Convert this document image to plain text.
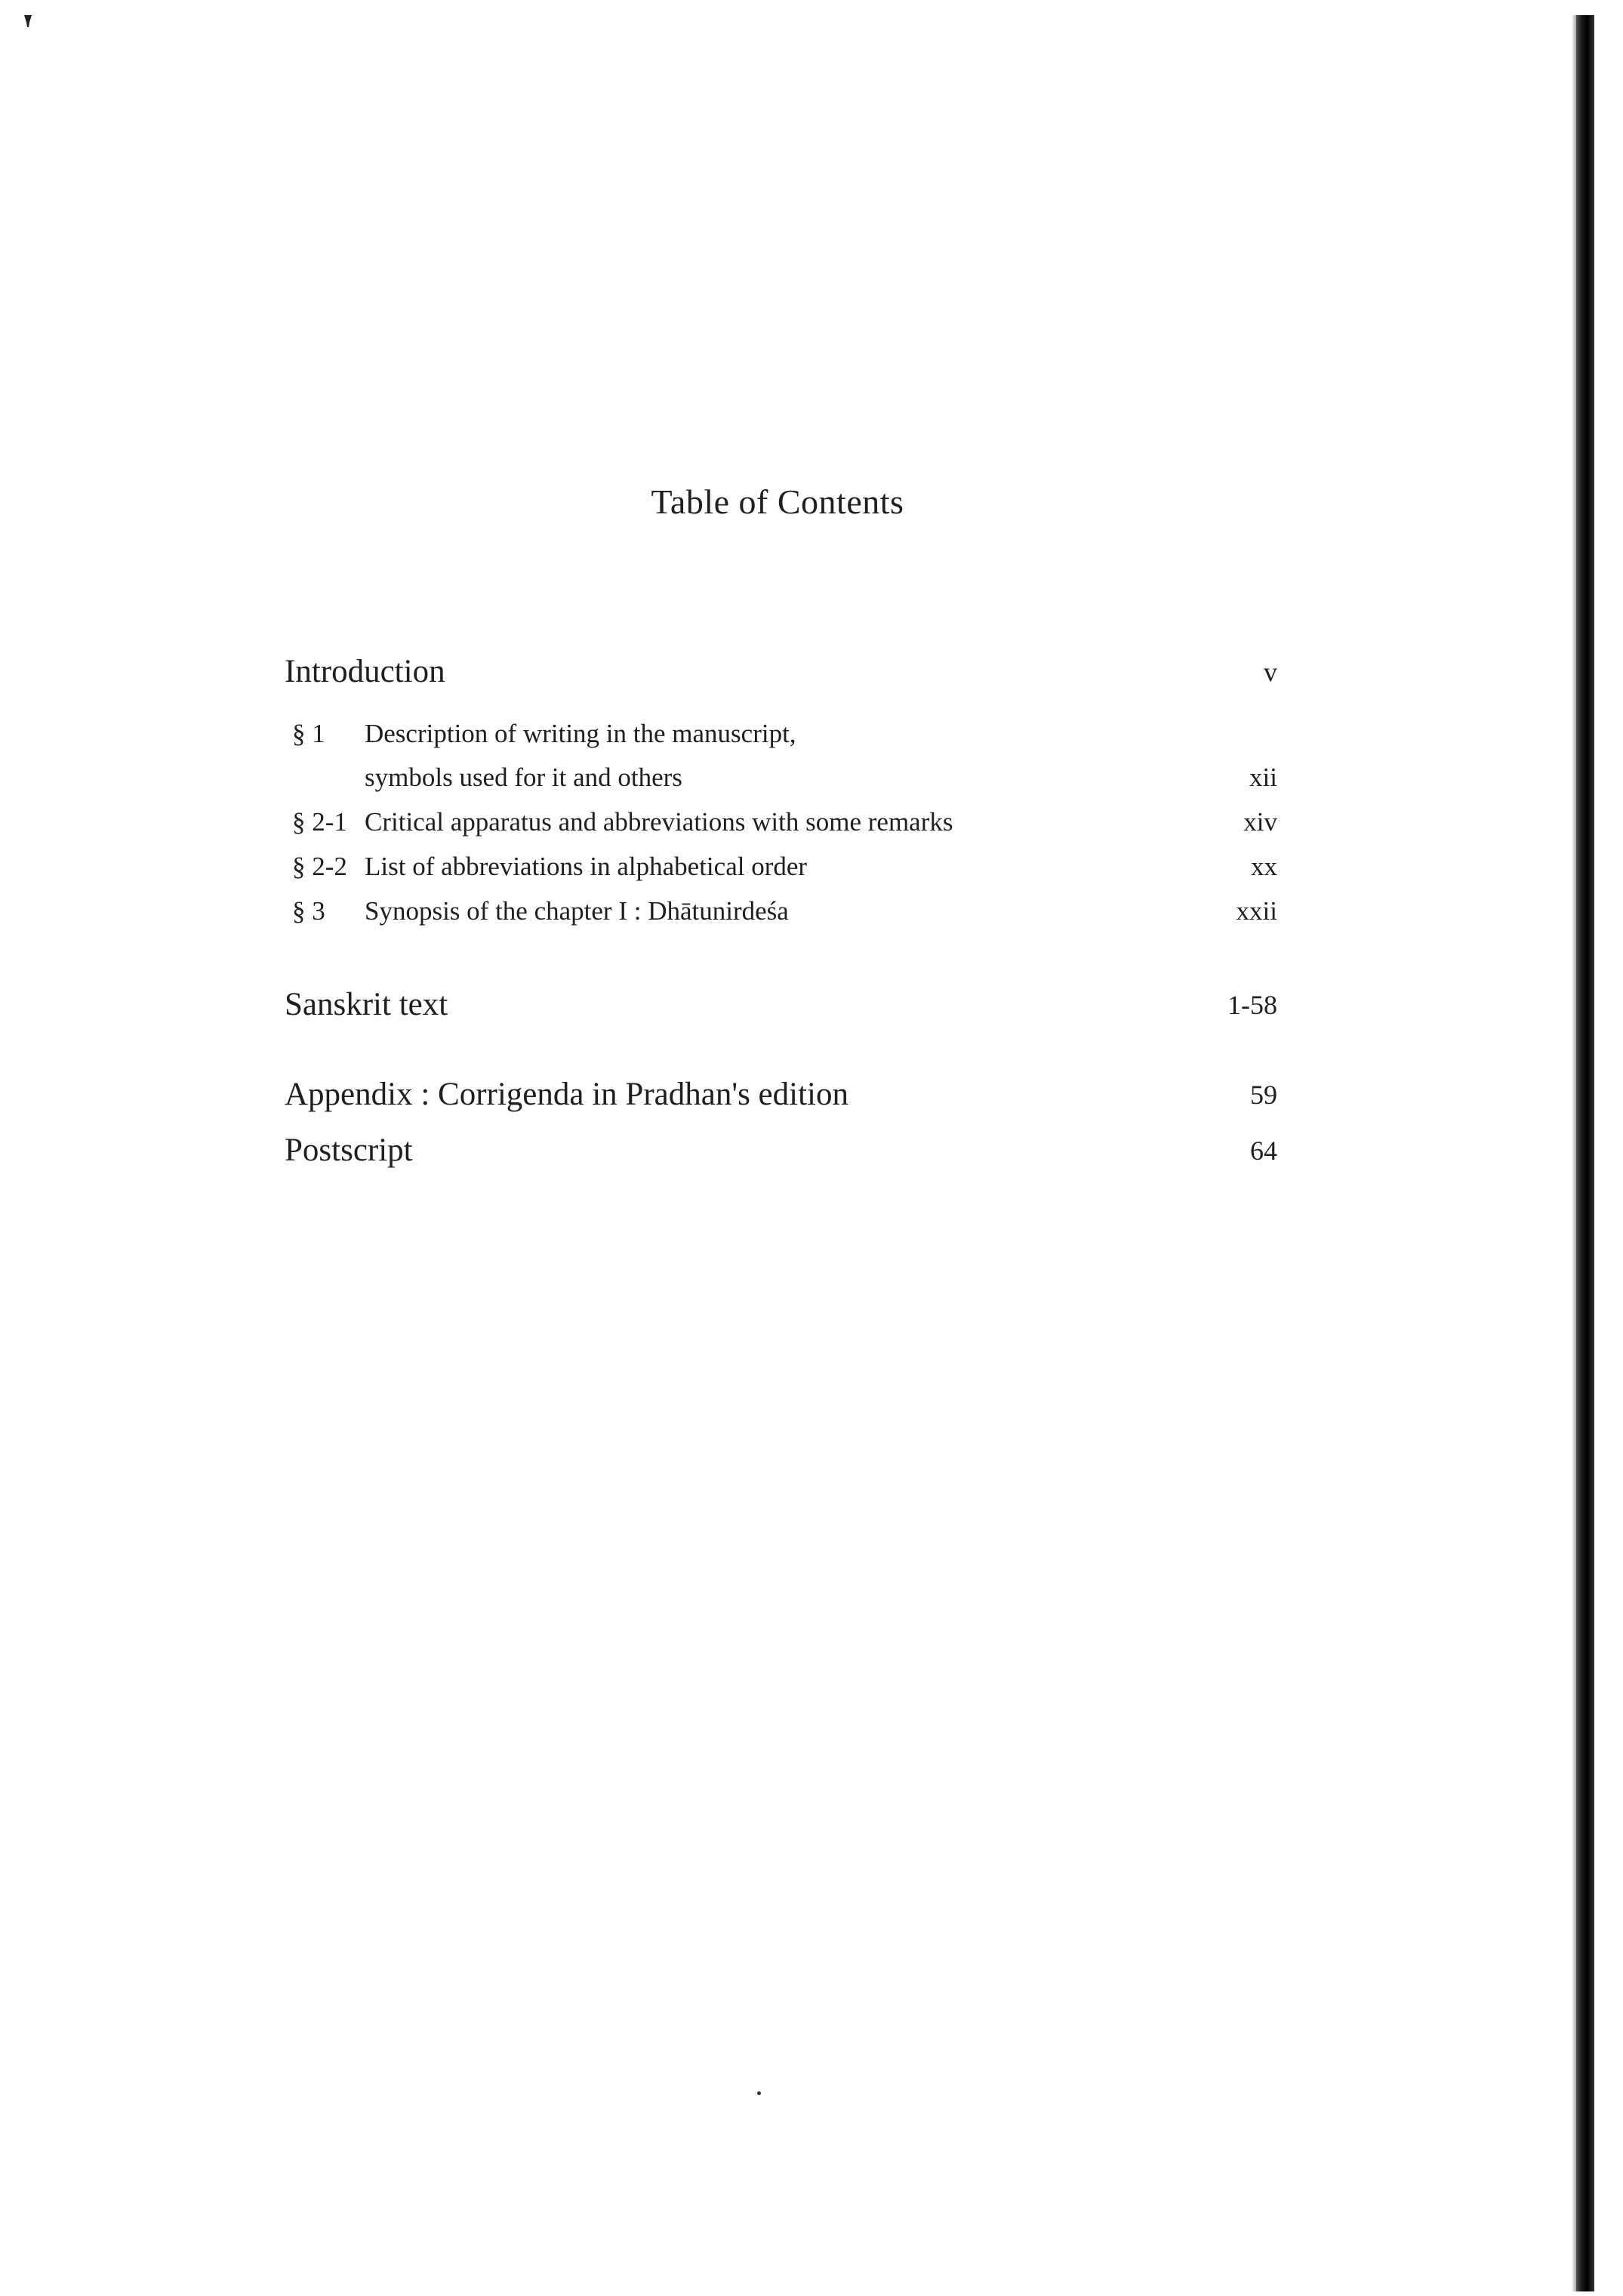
Table of Contents
Introduction	v
§ 1 Description of writing in the manuscript,
symbols used for it and others	xii
§ 2-1 Critical apparatus and abbreviations with some remarks	xiv
§ 2-2 List of abbreviations in alphabetical order	xx
§ 3 Synopsis of the chapter I : Dhātunirdeśa	xxii
Sanskrit text	1-58
Appendix : Corrigenda in Pradhan's edition	59
Postscript	64
